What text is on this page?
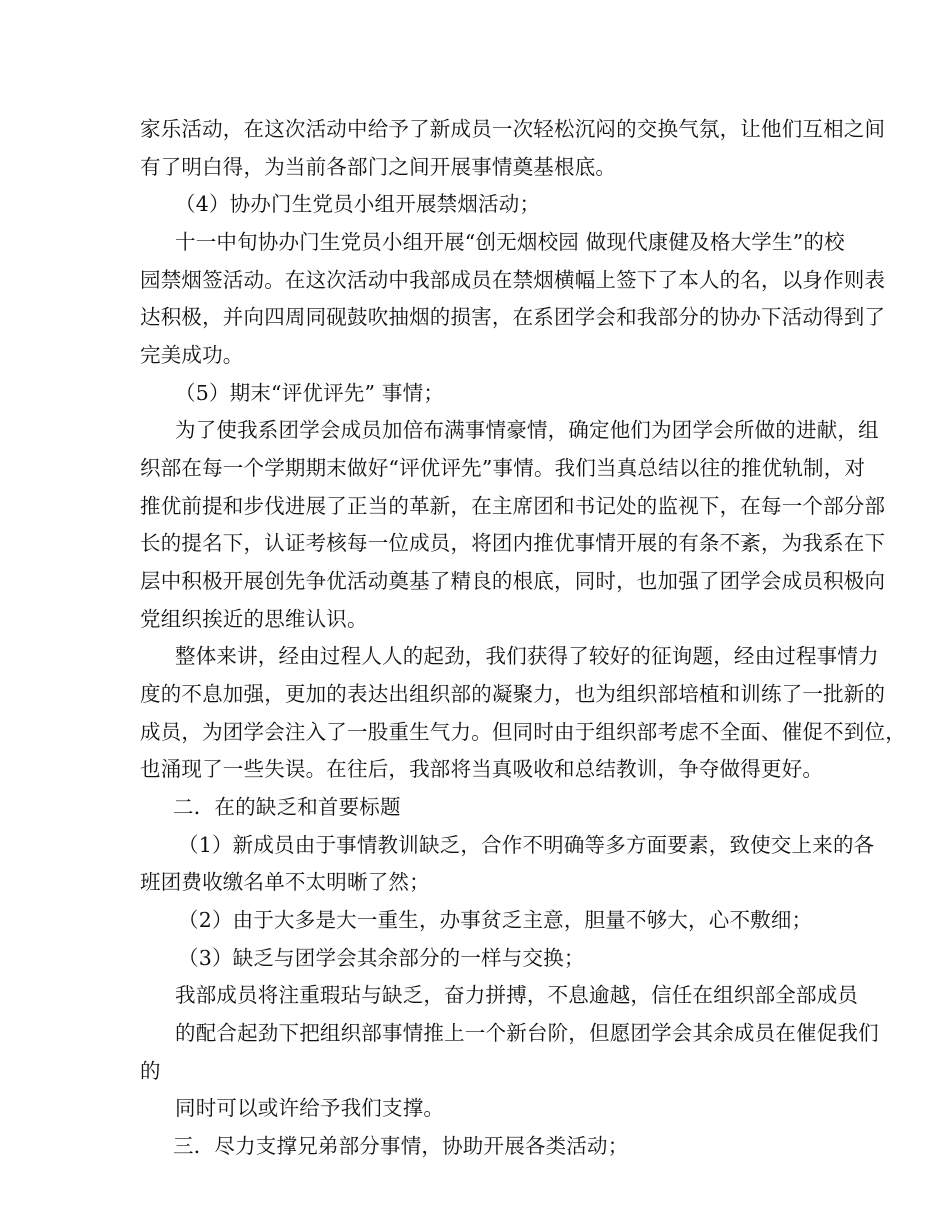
家乐活动，在这次活动中给予了新成员一次轻松沉闷的交换气氛，让他们互相之间
有了明白得，为当前各部门之间开展事情奠基根底。
（4）协办门生党员小组开展禁烟活动；
十一中旬协办门生党员小组开展“创无烟校园 做现代康健及格大学生”的校
园禁烟签活动。在这次活动中我部成员在禁烟横幅上签下了本人的名，以身作则表
达积极，并向四周同砚鼓吹抽烟的损害，在系团学会和我部分的协办下活动得到了
完美成功。
（5）期末“评优评先” 事情；
为了使我系团学会成员加倍布满事情豪情，确定他们为团学会所做的进献，组
织部在每一个学期期末做好“评优评先”事情。我们当真总结以往的推优轨制，对
推优前提和步伐进展了正当的革新，在主席团和书记处的监视下，在每一个部分部
长的提名下，认证考核每一位成员，将团内推优事情开展的有条不紊，为我系在下
层中积极开展创先争优活动奠基了精良的根底，同时，也加强了团学会成员积极向
党组织挨近的思维认识。
整体来讲，经由过程人人的起劲，我们获得了较好的征询题，经由过程事情力
度的不息加强，更加的表达出组织部的凝聚力，也为组织部培植和训练了一批新的
成员，为团学会注入了一股重生气力。但同时由于组织部考虑不全面、催促不到位，
也涌现了一些失误。在往后，我部将当真吸收和总结教训，争夺做得更好。
二．在的缺乏和首要标题
（1）新成员由于事情教训缺乏，合作不明确等多方面要素，致使交上来的各
班团费收缴名单不太明晰了然；
（2）由于大多是大一重生，办事贫乏主意，胆量不够大，心不敷细；
（3）缺乏与团学会其余部分的一样与交换；
我部成员将注重瑕玷与缺乏，奋力拼搏，不息逾越，信任在组织部全部成员
的配合起劲下把组织部事情推上一个新台阶，但愿团学会其余成员在催促我们
的
同时可以或许给予我们支撑。
三．尽力支撑兄弟部分事情，协助开展各类活动；
